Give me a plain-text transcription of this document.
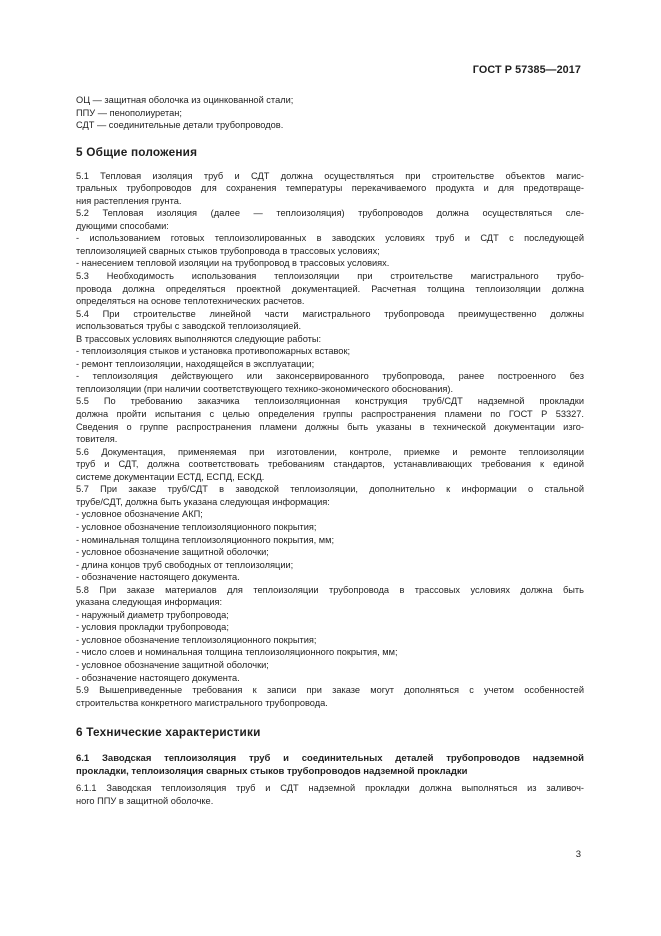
ГОСТ Р 57385—2017
ОЦ — защитная оболочка из оцинкованной стали;
ППУ — пенополиуретан;
СДТ — соединительные детали трубопроводов.
5 Общие положения
5.1 Тепловая изоляция труб и СДТ должна осуществляться при строительстве объектов магис-
тральных трубопроводов для сохранения температуры перекачиваемого продукта и для предотвраще-
ния растепления грунта.
5.2 Тепловая изоляция (далее — теплоизоляция) трубопроводов должна осуществляться сле-
дующими способами:
- использованием готовых теплоизолированных в заводских условиях труб и СДТ с последующей
теплоизоляцией сварных стыков трубопровода в трассовых условиях;
- нанесением тепловой изоляции на трубопровод в трассовых условиях.
5.3 Необходимость использования теплоизоляции при строительстве магистрального трубо-
провода должна определяться проектной документацией. Расчетная толщина теплоизоляции должна
определяться на основе теплотехнических расчетов.
5.4 При строительстве линейной части магистрального трубопровода преимущественно должны
использоваться трубы с заводской теплоизоляцией.
В трассовых условиях выполняются следующие работы:
- теплоизоляция стыков и установка противопожарных вставок;
- ремонт теплоизоляции, находящейся в эксплуатации;
- теплоизоляция действующего или законсервированного трубопровода, ранее построенного без
теплоизоляции (при наличии соответствующего технико-экономического обоснования).
5.5 По требованию заказчика теплоизоляционная конструкция труб/СДТ надземной прокладки
должна пройти испытания с целью определения группы распространения пламени по ГОСТ Р 53327.
Сведения о группе распространения пламени должны быть указаны в технической документации изго-
товителя.
5.6 Документация, применяемая при изготовлении, контроле, приемке и ремонте теплоизоляции
труб и СДТ, должна соответствовать требованиям стандартов, устанавливающих требования к единой
системе документации ЕСТД, ЕСПД, ЕСКД.
5.7 При заказе труб/СДТ в заводской теплоизоляции, дополнительно к информации о стальной
трубе/СДТ, должна быть указана следующая информация:
- условное обозначение АКП;
- условное обозначение теплоизоляционного покрытия;
- номинальная толщина теплоизоляционного покрытия, мм;
- условное обозначение защитной оболочки;
- длина концов труб свободных от теплоизоляции;
- обозначение настоящего документа.
5.8 При заказе материалов для теплоизоляции трубопровода в трассовых условиях должна быть
указана следующая информация:
- наружный диаметр трубопровода;
- условия прокладки трубопровода;
- условное обозначение теплоизоляционного покрытия;
- число слоев и номинальная толщина теплоизоляционного покрытия, мм;
- условное обозначение защитной оболочки;
- обозначение настоящего документа.
5.9 Вышеприведенные требования к записи при заказе могут дополняться с учетом особенностей
строительства конкретного магистрального трубопровода.
6 Технические характеристики
6.1 Заводская теплоизоляция труб и соединительных деталей трубопроводов надземной
прокладки, теплоизоляция сварных стыков трубопроводов надземной прокладки
6.1.1 Заводская теплоизоляция труб и СДТ надземной прокладки должна выполняться из заливоч-
ного ППУ в защитной оболочке.
3
